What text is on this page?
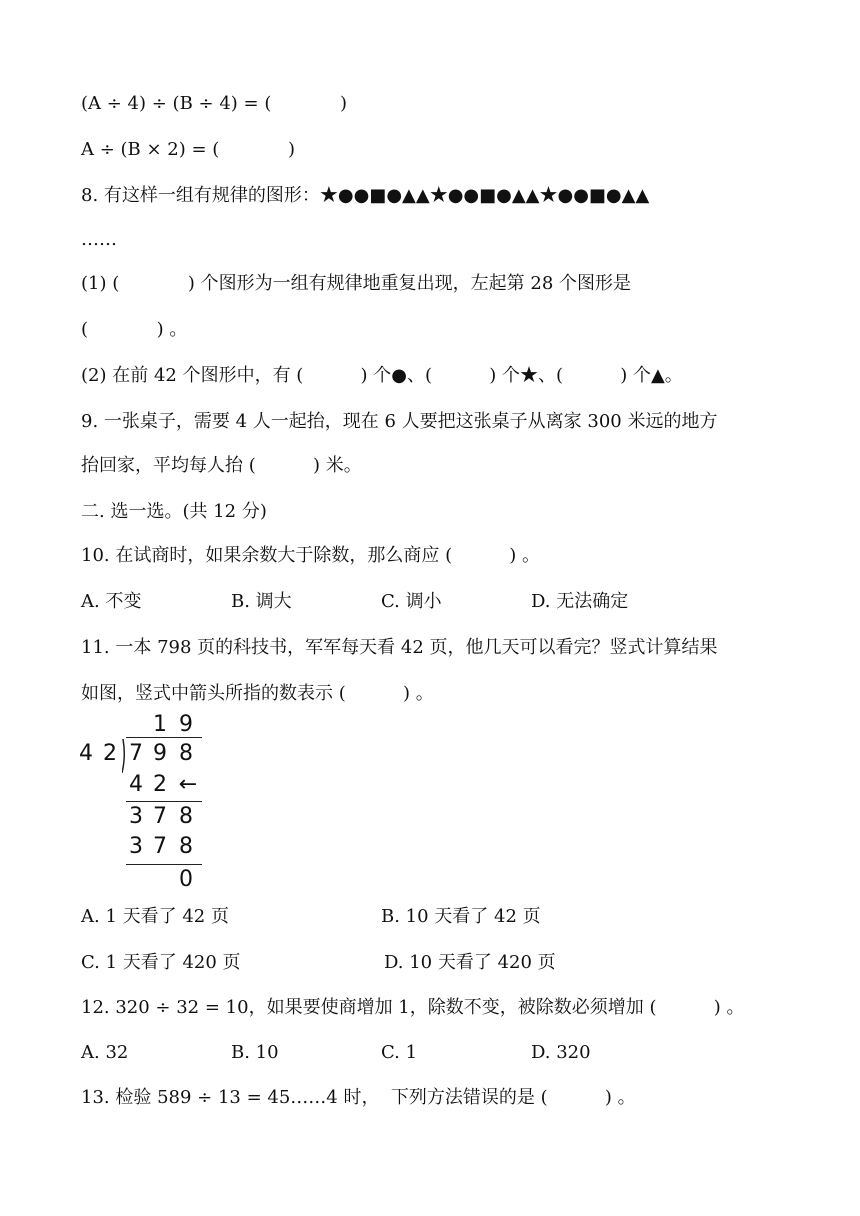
(A ÷ 4) ÷ (B ÷ 4) = (            )
A ÷ (B × 2) = (            )
8. 有这样一组有规律的图形：★●●■●▲▲★●●■●▲▲★●●■●▲▲
……
(1) (            ) 个图形为一组有规律地重复出现，左起第 28 个图形是
(            ) 。
(2) 在前 42 个图形中，有 (          ) 个●、(          ) 个★、(          ) 个▲。
9. 一张桌子，需要 4 人一起抬，现在 6 人要把这张桌子从离家 300 米远的地方
抬回家，平均每人抬 (          ) 米。
二. 选一选。(共 12 分)
10. 在试商时，如果余数大于除数，那么商应 (          ) 。
A. 不变	B. 调大	C. 调小	D. 无法确定
11. 一本 798 页的科技书，军军每天看 42 页，他几天可以看完？竖式计算结果
如图，竖式中箭头所指的数表示 (          ) 。
1 9
4 2 7 9 8
4 2 ←
3 7 8
3 7 8
0
A. 1 天看了 42 页	B. 10 天看了 42 页
C. 1 天看了 420 页	D. 10 天看了 420 页
12. 320 ÷ 32 = 10，如果要使商增加 1，除数不变，被除数必须增加 (          ) 。
A. 32	B. 10	C. 1	D. 320
13. 检验 589 ÷ 13 = 45……4 时，  下列方法错误的是 (          ) 。
